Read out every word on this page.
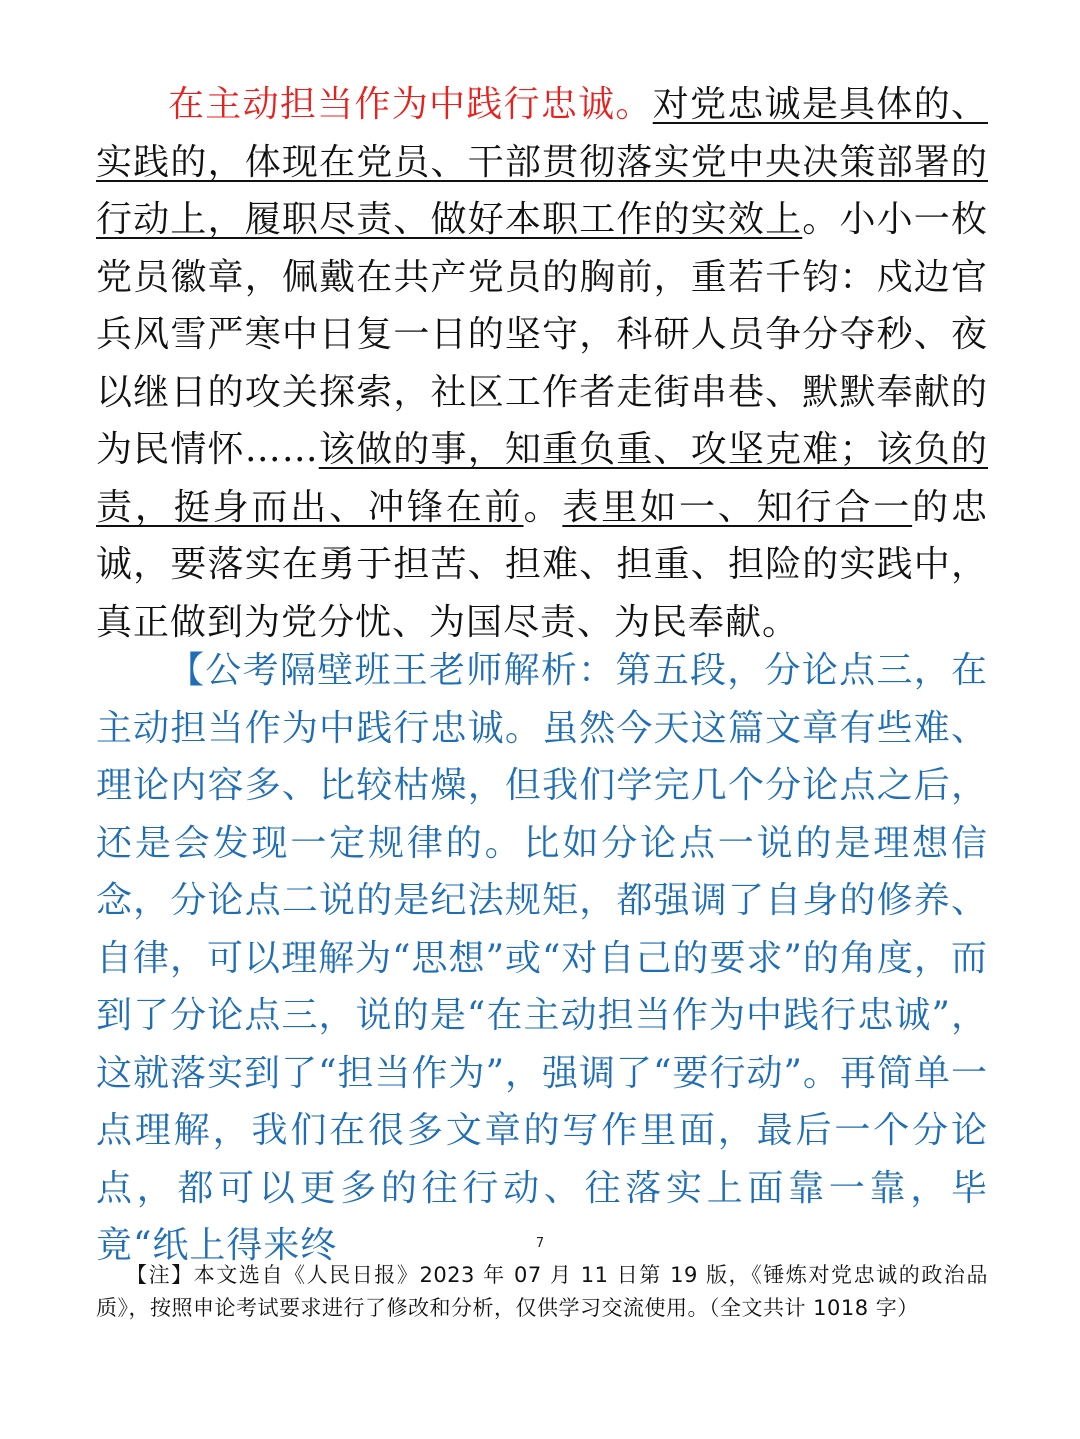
在主动担当作为中践行忠诚。对党忠诚是具体的、实践的，体现在党员、干部贯彻落实党中央决策部署的行动上，履职尽责、做好本职工作的实效上。小小一枚党员徽章，佩戴在共产党员的胸前，重若千钧：戍边官兵风雪严寒中日复一日的坚守，科研人员争分夺秒、夜以继日的攻关探索，社区工作者走街串巷、默默奉献的为民情怀……该做的事，知重负重、攻坚克难；该负的责，挺身而出、冲锋在前。表里如一、知行合一的忠诚，要落实在勇于担苦、担难、担重、担险的实践中，真正做到为党分忧、为国尽责、为民奉献。

【公考隔壁班王老师解析：第五段，分论点三，在主动担当作为中践行忠诚。虽然今天这篇文章有些难、理论内容多、比较枯燥，但我们学完几个分论点之后，还是会发现一定规律的。比如分论点一说的是理想信念，分论点二说的是纪法规矩，都强调了自身的修养、自律，可以理解为“思想”或“对自己的要求”的角度，而到了分论点三，说的是“在主动担当作为中践行忠诚”，这就落实到了“担当作为”，强调了“要行动”。再简单一点理解，我们在很多文章的写作里面，最后一个分论点，都可以更多的往行动、往落实上面靠一靠，毕竟“纸上得来终	7

【注】本文选自《人民日报》2023 年 07 月 11 日第 19 版，《锤炼对党忠诚的政治品质》，按照申论考试要求进行了修改和分析，仅供学习交流使用。（全文共计 1018 字）
